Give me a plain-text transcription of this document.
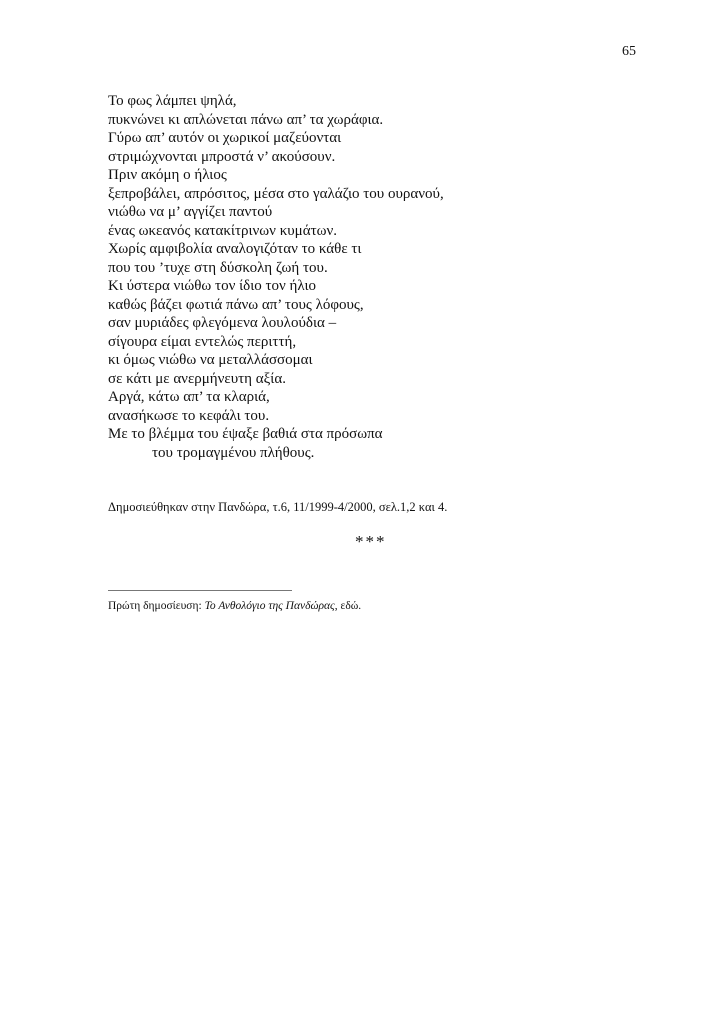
65
Το φως λάμπει ψηλά,
πυκνώνει κι απλώνεται πάνω απ’ τα χωράφια.
Γύρω απ’ αυτόν οι χωρικοί μαζεύονται
στριμώχνονται μπροστά ν’ ακούσουν.
Πριν ακόμη ο ήλιος
ξεπροβάλει, απρόσιτος, μέσα στο γαλάζιο του ουρανού,
νιώθω να μ’ αγγίζει παντού
ένας ωκεανός κατακίτρινων κυμάτων.
Χωρίς αμφιβολία αναλογιζόταν το κάθε τι
που του ’τυχε στη δύσκολη ζωή του.
Κι ύστερα νιώθω τον ίδιο τον ήλιο
καθώς βάζει φωτιά πάνω απ’ τους λόφους,
σαν μυριάδες φλεγόμενα λουλούδια –
σίγουρα είμαι εντελώς περιττή,
κι όμως νιώθω να μεταλλάσσομαι
σε κάτι με ανερμήνευτη αξία.
Αργά, κάτω απ’ τα κλαριά,
ανασήκωσε το κεφάλι του.
Με το βλέμμα του έψαξε βαθιά στα πρόσωπα
του τρομαγμένου πλήθους.
Δημοσιεύθηκαν στην Πανδώρα, τ.6, 11/1999-4/2000, σελ.1,2 και 4.
***
Πρώτη δημοσίευση: Το Ανθολόγιο της Πανδώρας, εδώ.
